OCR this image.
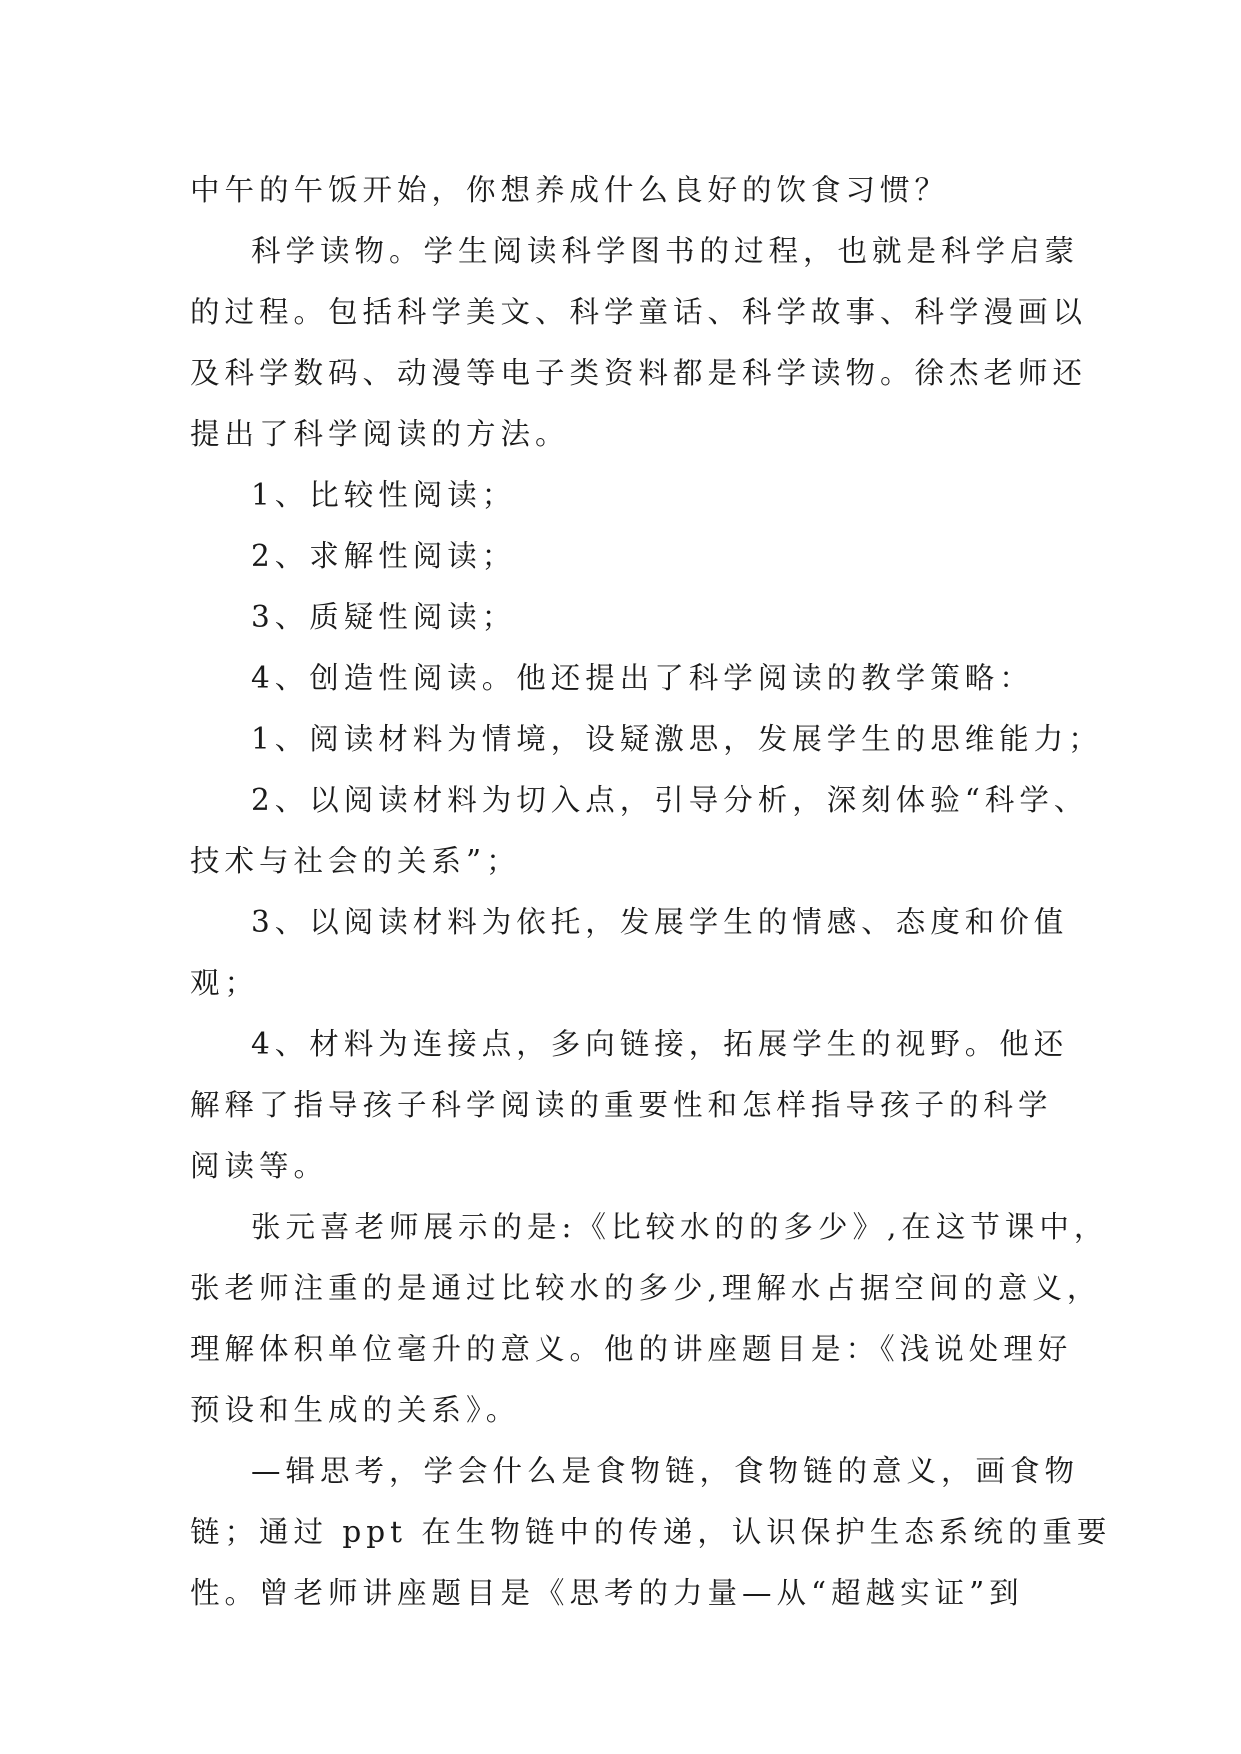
中午的午饭开始，你想养成什么良好的饮食习惯？
科学读物。学生阅读科学图书的过程，也就是科学启蒙
的过程。包括科学美文、科学童话、科学故事、科学漫画以
及科学数码、动漫等电子类资料都是科学读物。徐杰老师还
提出了科学阅读的方法。
1、比较性阅读；
2、求解性阅读；
3、质疑性阅读；
4、创造性阅读。他还提出了科学阅读的教学策略：
1、阅读材料为情境，设疑激思，发展学生的思维能力；
2、以阅读材料为切入点，引导分析，深刻体验“科学、
技术与社会的关系”；
3、以阅读材料为依托，发展学生的情感、态度和价值
观；
4、材料为连接点，多向链接，拓展学生的视野。他还
解释了指导孩子科学阅读的重要性和怎样指导孩子的科学
阅读等。
张元喜老师展示的是:《比较水的的多少》,在这节课中，
张老师注重的是通过比较水的多少,理解水占据空间的意义，
理解体积单位毫升的意义。他的讲座题目是：《浅说处理好
预设和生成的关系》。
—辑思考，学会什么是食物链，食物链的意义，画食物
链；通过 ppt 在生物链中的传递，认识保护生态系统的重要
性。曾老师讲座题目是《思考的力量—从“超越实证”到
